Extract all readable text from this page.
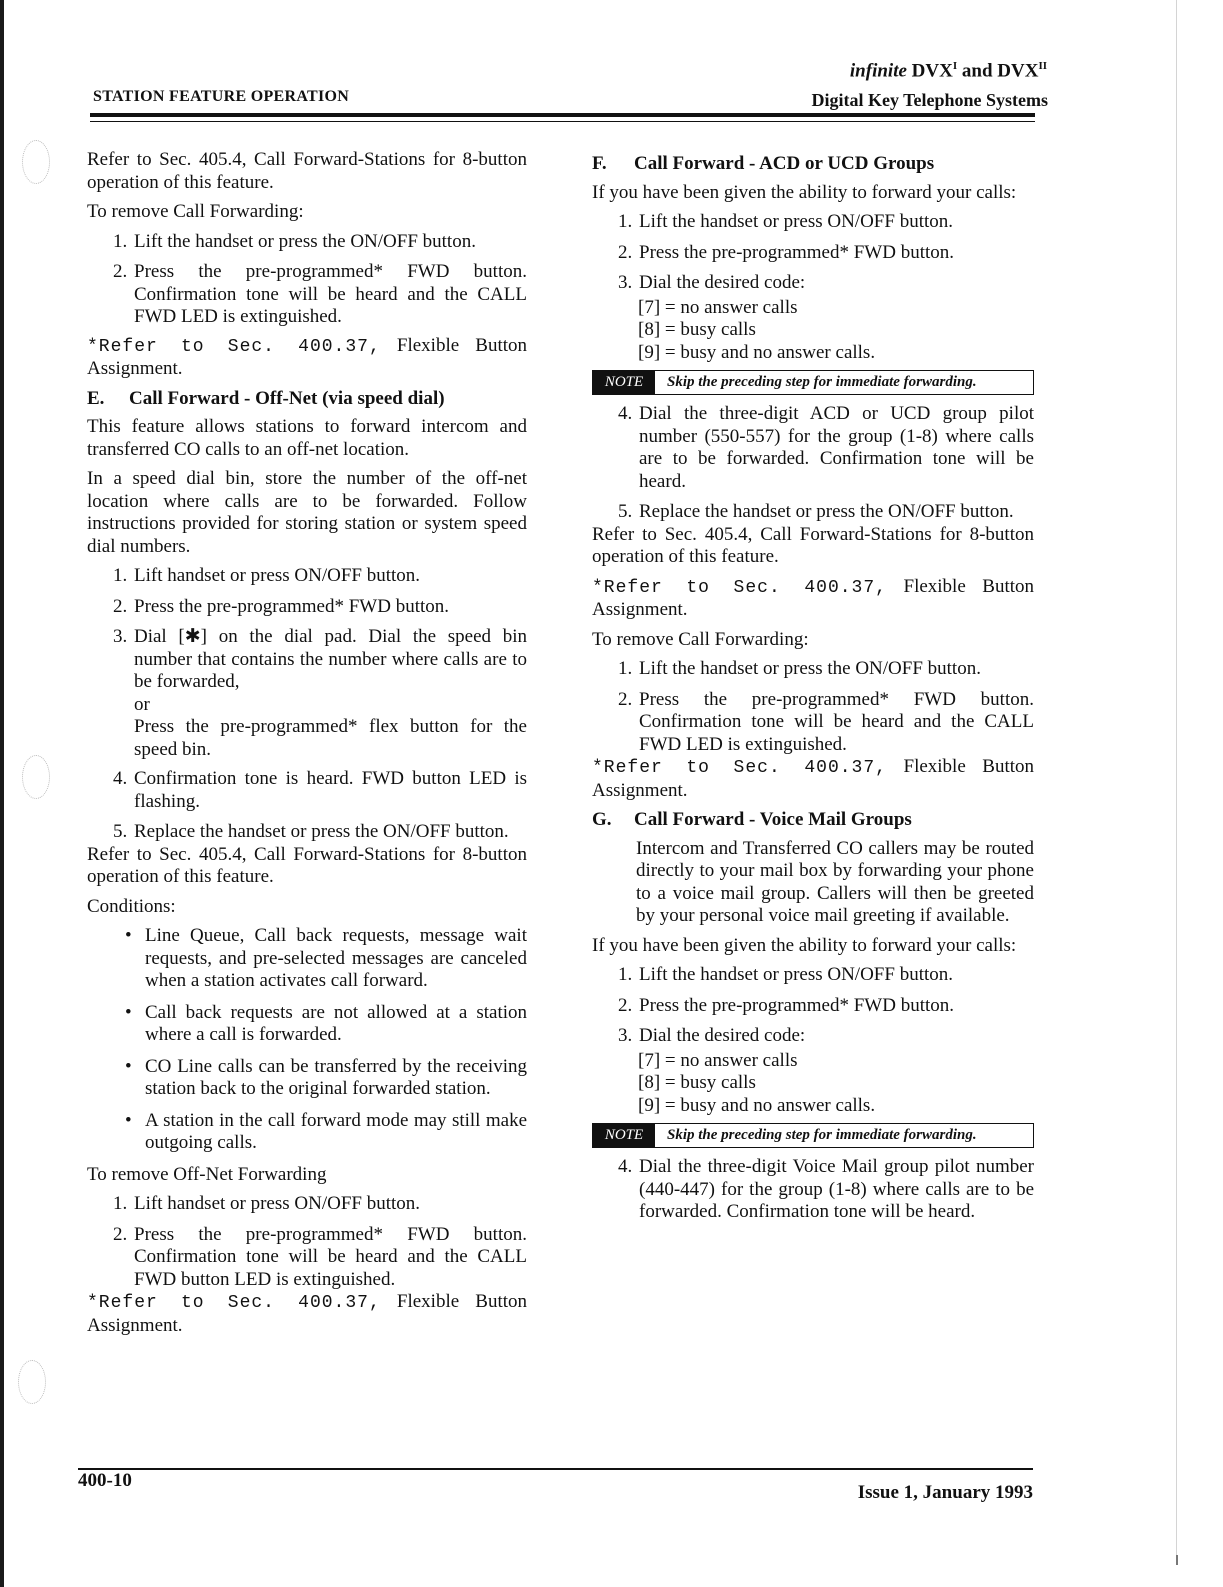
STATION FEATURE OPERATION
infinite $DVX^I$ and $DVX^{II}$
Digital Key Telephone Systems

Refer to Sec. 405.4, Call Forward-Stations for 8-button operation of this feature.

To remove Call Forwarding:

1. Lift the handset or press the ON/OFF button.
2. Press the pre-programmed* FWD button. Confirmation tone will be heard and the CALL FWD LED is extinguished.

*Refer to Sec. 400.37, Flexible Button Assignment.

E. Call Forward - Off-Net (via speed dial)

This feature allows stations to forward intercom and transferred CO calls to an off-net location.

In a speed dial bin, store the number of the off-net location where calls are to be forwarded. Follow instructions provided for storing station or system speed dial numbers.

1. Lift handset or press ON/OFF button.
2. Press the pre-programmed* FWD button.
3. Dial [✱] on the dial pad. Dial the speed bin number that contains the number where calls are to be forwarded,
or
Press the pre-programmed* flex button for the speed bin.
4. Confirmation tone is heard. FWD button LED is flashing.
5. Replace the handset or press the ON/OFF button.

Refer to Sec. 405.4, Call Forward-Stations for 8-button operation of this feature.

Conditions:

• Line Queue, Call back requests, message wait requests, and pre-selected messages are canceled when a station activates call forward.
• Call back requests are not allowed at a station where a call is forwarded.
• CO Line calls can be transferred by the receiving station back to the original forwarded station.
• A station in the call forward mode may still make outgoing calls.

To remove Off-Net Forwarding

1. Lift handset or press ON/OFF button.
2. Press the pre-programmed* FWD button. Confirmation tone will be heard and the CALL FWD button LED is extinguished.

*Refer to Sec. 400.37, Flexible Button Assignment.

F. Call Forward - ACD or UCD Groups

If you have been given the ability to forward your calls:

1. Lift the handset or press ON/OFF button.
2. Press the pre-programmed* FWD button.
3. Dial the desired code:
[7] = no answer calls
[8] = busy calls
[9] = busy and no answer calls.
NOTE	Skip the preceding step for immediate forwarding.
4. Dial the three-digit ACD or UCD group pilot number (550-557) for the group (1-8) where calls are to be forwarded. Confirmation tone will be heard.
5. Replace the handset or press the ON/OFF button.

Refer to Sec. 405.4, Call Forward-Stations for 8-button operation of this feature.

*Refer to Sec. 400.37, Flexible Button Assignment.

To remove Call Forwarding:

1. Lift the handset or press the ON/OFF button.
2. Press the pre-programmed* FWD button. Confirmation tone will be heard and the CALL FWD LED is extinguished.

*Refer to Sec. 400.37, Flexible Button Assignment.

G. Call Forward - Voice Mail Groups
Intercom and Transferred CO callers may be routed directly to your mail box by forwarding your phone to a voice mail group. Callers will then be greeted by your personal voice mail greeting if available.

If you have been given the ability to forward your calls:

1. Lift the handset or press ON/OFF button.
2. Press the pre-programmed* FWD button.
3. Dial the desired code:
[7] = no answer calls
[8] = busy calls
[9] = busy and no answer calls.
NOTE	Skip the preceding step for immediate forwarding.
4. Dial the three-digit Voice Mail group pilot number (440-447) for the group (1-8) where calls are to be forwarded. Confirmation tone will be heard.
400-10
Issue 1, January 1993
